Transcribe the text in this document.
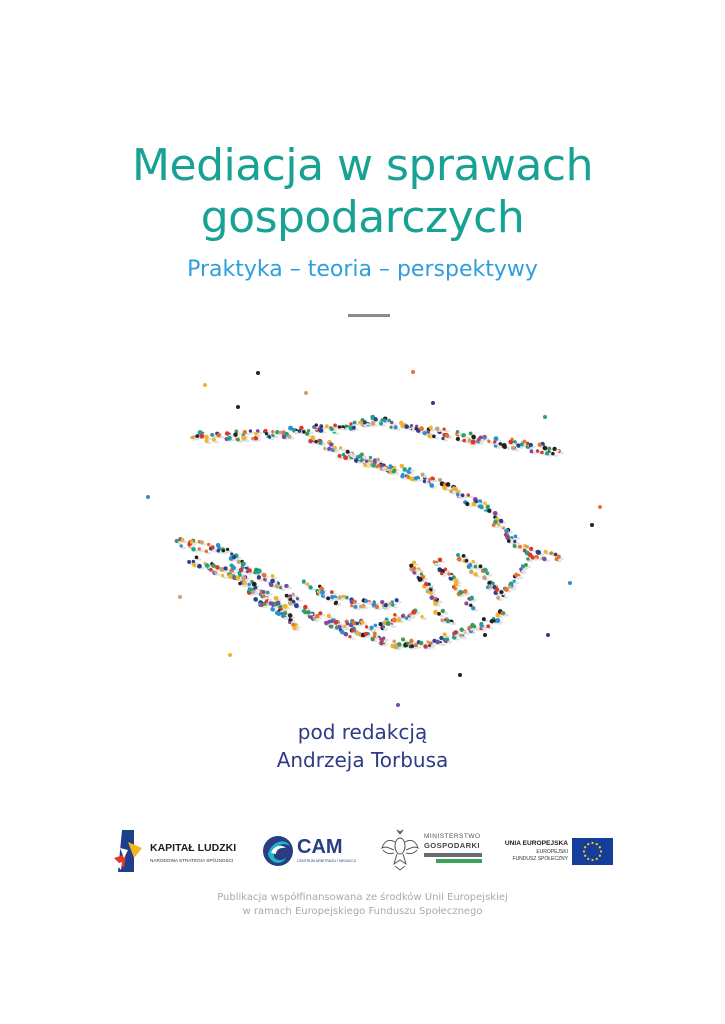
Mediacja w sprawach
gospodarczych
Praktyka – teoria – perspektywy
pod redakcją
Andrzeja Torbusa
KAPITAŁ LUDZKI
NARODOWA STRATEGIA SPÓJNOŚCI
CAM
CENTRUM ARBITRAŻU I MEDIACJI
MINISTERSTWO
GOSPODARKI	UNIA EUROPEJSKA
EUROPEJSKI
FUNDUSZ SPOŁECZNY
Publikacja współfinansowana ze środków Unii Europejskiej
w ramach Europejskiego Funduszu Społecznego
